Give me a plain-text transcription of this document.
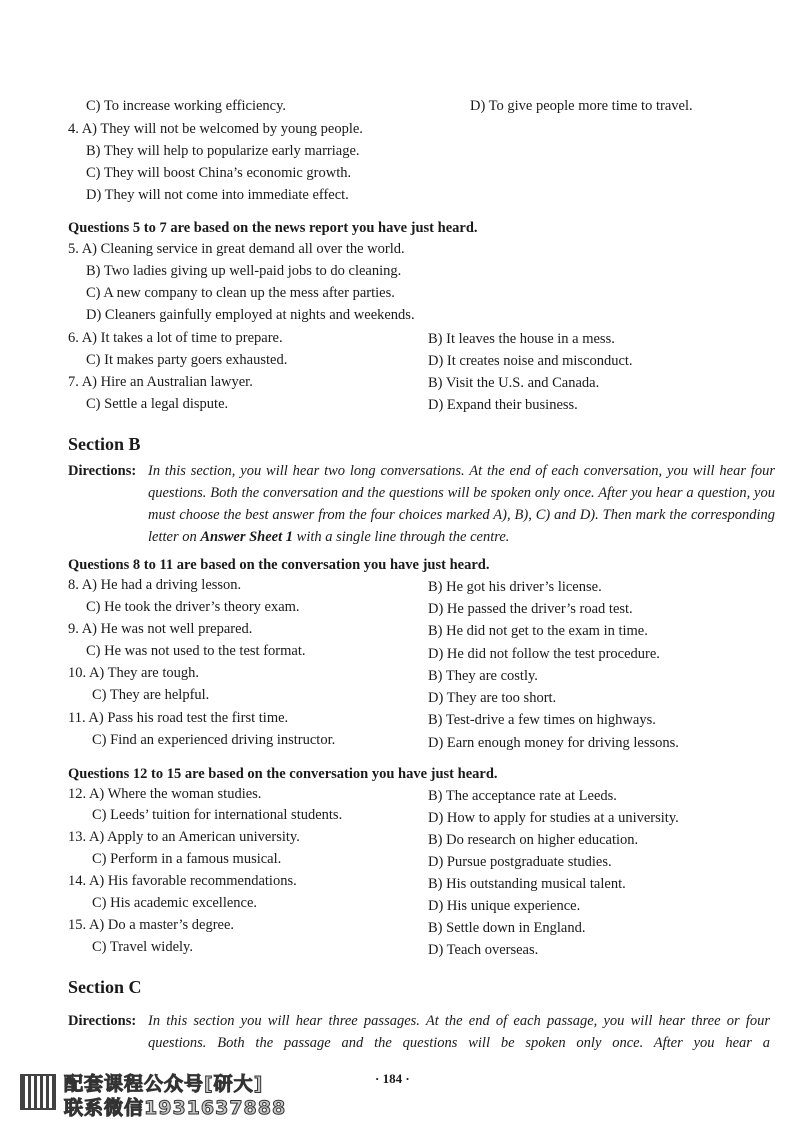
C) To increase working efficiency.	D) To give people more time to travel.
4. A) They will not be welcomed by young people.
B) They will help to popularize early marriage.
C) They will boost China’s economic growth.
D) They will not come into immediate effect.
Questions 5 to 7 are based on the news report you have just heard.
5. A) Cleaning service in great demand all over the world.
B) Two ladies giving up well-paid jobs to do cleaning.
C) A new company to clean up the mess after parties.
D) Cleaners gainfully employed at nights and weekends.
6. A) It takes a lot of time to prepare.	B) It leaves the house in a mess.
C) It makes party goers exhausted.	D) It creates noise and misconduct.
7. A) Hire an Australian lawyer.	B) Visit the U.S. and Canada.
C) Settle a legal dispute.	D) Expand their business.
Section B
Directions: In this section, you will hear two long conversations. At the end of each conversation, you will hear four questions. Both the conversation and the questions will be spoken only once. After you hear a question, you must choose the best answer from the four choices marked A), B), C) and D). Then mark the corresponding letter on Answer Sheet 1 with a single line through the centre.
Questions 8 to 11 are based on the conversation you have just heard.
8. A) He had a driving lesson.	B) He got his driver’s license.
C) He took the driver’s theory exam.	D) He passed the driver’s road test.
9. A) He was not well prepared.	B) He did not get to the exam in time.
C) He was not used to the test format.	D) He did not follow the test procedure.
10. A) They are tough.	B) They are costly.
C) They are helpful.	D) They are too short.
11. A) Pass his road test the first time.	B) Test-drive a few times on highways.
C) Find an experienced driving instructor.	D) Earn enough money for driving lessons.
Questions 12 to 15 are based on the conversation you have just heard.
12. A) Where the woman studies.	B) The acceptance rate at Leeds.
C) Leeds’ tuition for international students.	D) How to apply for studies at a university.
13. A) Apply to an American university.	B) Do research on higher education.
C) Perform in a famous musical.	D) Pursue postgraduate studies.
14. A) His favorable recommendations.	B) His outstanding musical talent.
C) His academic excellence.	D) His unique experience.
15. A) Do a master’s degree.	B) Settle down in England.
C) Travel widely.	D) Teach overseas.
Section C
Directions: In this section you will hear three passages. At the end of each passage, you will hear three or four questions. Both the passage and the questions will be spoken only once. After you hear a
· 184 ·
配套课程公众号[研大]
联系微信1931637888
